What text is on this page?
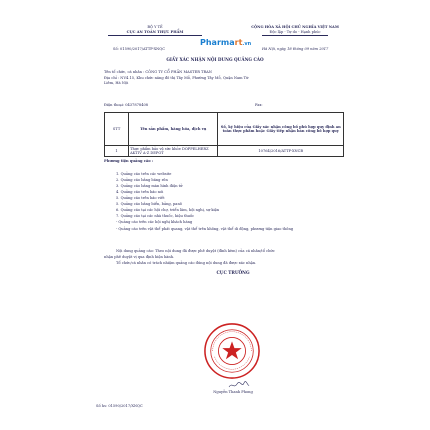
BỘ Y TẾ
CỤC AN TOÀN THỰC PHẨM
Số: 01590/2017/ATTP-XNQC
CỘNG HÒA XÃ HỘI CHỦ NGHĨA VIỆT NAM
Độc lập - Tự do - Hạnh phúc
Hà Nội, ngày 18 tháng 09 năm 2017
Pharmart.vn
GIẤY XÁC NHẬN NỘI DUNG QUẢNG CÁO
Tên tổ chức, cá nhân : CÔNG TY CỔ PHẦN MASTER TRAN
Địa chỉ : NV4.15, Khu chức năng đô thị Tây Mỗ, Phường Tây Mỗ, Quận Nam Từ
Liêm, Hà Nội
Điện thoại: 0437878408	Fax:
STT	Tên sản phẩm, hàng hóa, dịch vụ	Số, ký hiệu của Giấy xác nhận công bố phù hợp quy định an toàn thực phẩm hoặc Giấy tiếp nhận bản công bố hợp quy
1	Thực phẩm bảo vệ sức khỏe DOPPELHERZ AKTIV A-Z DEPOT	10764/2016/ATTP-XNCB
Phương tiện quảng cáo :
1. Quảng cáo trên các website
2. Quảng cáo bằng băng rôn
3. Quảng cáo bằng màn hình điện tử
4. Quảng cáo trên báo nói
5. Quảng cáo trên báo viết
5. Quảng cáo bằng biển, bảng, panô
6. Quảng cáo tại các hội chợ, triển lãm, hội nghị, sự kiện
7. Quảng cáo tại các nhà thuốc, hiệu thuốc
- Quảng cáo trên các hội nghị khách hàng
- Quảng cáo trên vật thể phát quang, vật thể trên không, vật thể di động, phương tiện giao thông
Nội dung quảng cáo: Theo nội dung đã được phê duyệt (đính kèm) của cá nhân/tổ chức
nhận phê duyệt vị qua định hiện hành.
Tổ chức/cá nhân có trách nhiệm quảng cáo đúng nội dung đã được xác nhận.
CỤC TRƯỞNG
Nguyễn Thanh Phong
Số hs: 01590/2017/XNQC
